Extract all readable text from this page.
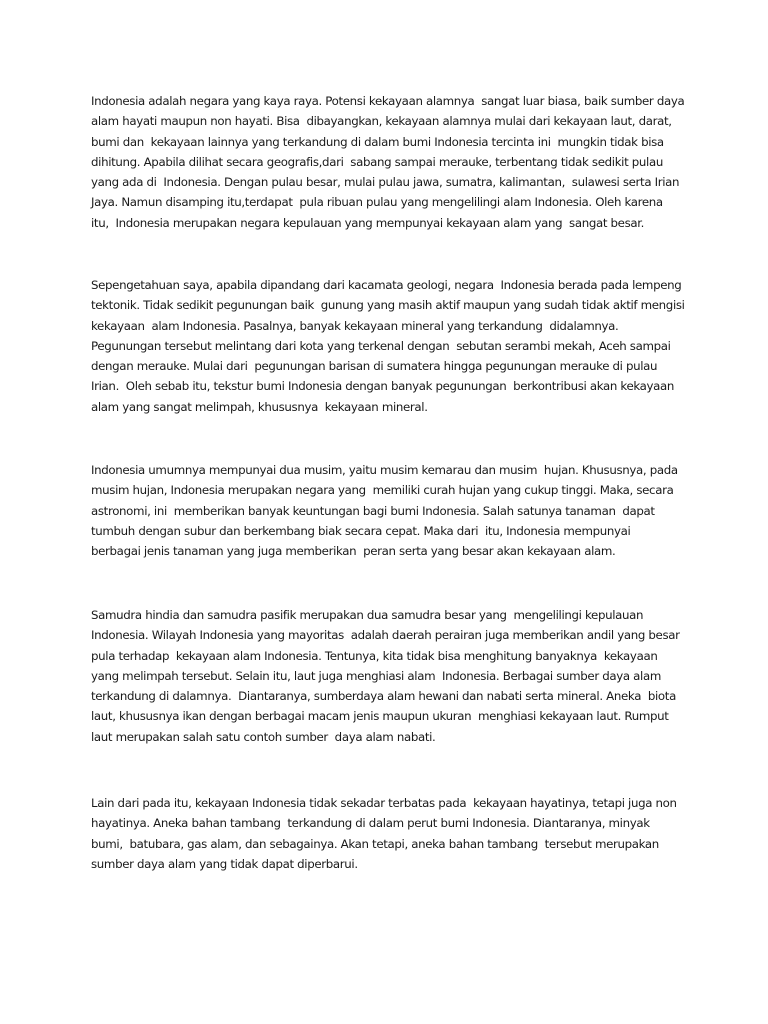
Indonesia adalah negara yang kaya raya. Potensi kekayaan alamnya  sangat luar biasa, baik sumber daya
alam hayati maupun non hayati. Bisa  dibayangkan, kekayaan alamnya mulai dari kekayaan laut, darat,
bumi dan  kekayaan lainnya yang terkandung di dalam bumi Indonesia tercinta ini  mungkin tidak bisa
dihitung. Apabila dilihat secara geografis,dari  sabang sampai merauke, terbentang tidak sedikit pulau
yang ada di  Indonesia. Dengan pulau besar, mulai pulau jawa, sumatra, kalimantan,  sulawesi serta Irian
Jaya. Namun disamping itu,terdapat  pula ribuan pulau yang mengelilingi alam Indonesia. Oleh karena
itu,  Indonesia merupakan negara kepulauan yang mempunyai kekayaan alam yang  sangat besar.

Sepengetahuan saya, apabila dipandang dari kacamata geologi, negara  Indonesia berada pada lempeng
tektonik. Tidak sedikit pegunungan baik  gunung yang masih aktif maupun yang sudah tidak aktif mengisi
kekayaan  alam Indonesia. Pasalnya, banyak kekayaan mineral yang terkandung  didalamnya.
Pegunungan tersebut melintang dari kota yang terkenal dengan  sebutan serambi mekah, Aceh sampai
dengan merauke. Mulai dari  pegunungan barisan di sumatera hingga pegunungan merauke di pulau
Irian.  Oleh sebab itu, tekstur bumi Indonesia dengan banyak pegunungan  berkontribusi akan kekayaan
alam yang sangat melimpah, khususnya  kekayaan mineral.

Indonesia umumnya mempunyai dua musim, yaitu musim kemarau dan musim  hujan. Khususnya, pada
musim hujan, Indonesia merupakan negara yang  memiliki curah hujan yang cukup tinggi. Maka, secara
astronomi, ini  memberikan banyak keuntungan bagi bumi Indonesia. Salah satunya tanaman  dapat
tumbuh dengan subur dan berkembang biak secara cepat. Maka dari  itu, Indonesia mempunyai
berbagai jenis tanaman yang juga memberikan  peran serta yang besar akan kekayaan alam.

Samudra hindia dan samudra pasifik merupakan dua samudra besar yang  mengelilingi kepulauan
Indonesia. Wilayah Indonesia yang mayoritas  adalah daerah perairan juga memberikan andil yang besar
pula terhadap  kekayaan alam Indonesia. Tentunya, kita tidak bisa menghitung banyaknya  kekayaan
yang melimpah tersebut. Selain itu, laut juga menghiasi alam  Indonesia. Berbagai sumber daya alam
terkandung di dalamnya.  Diantaranya, sumberdaya alam hewani dan nabati serta mineral. Aneka  biota
laut, khususnya ikan dengan berbagai macam jenis maupun ukuran  menghiasi kekayaan laut. Rumput
laut merupakan salah satu contoh sumber  daya alam nabati.

Lain dari pada itu, kekayaan Indonesia tidak sekadar terbatas pada  kekayaan hayatinya, tetapi juga non
hayatinya. Aneka bahan tambang  terkandung di dalam perut bumi Indonesia. Diantaranya, minyak
bumi,  batubara, gas alam, dan sebagainya. Akan tetapi, aneka bahan tambang  tersebut merupakan
sumber daya alam yang tidak dapat diperbarui.
